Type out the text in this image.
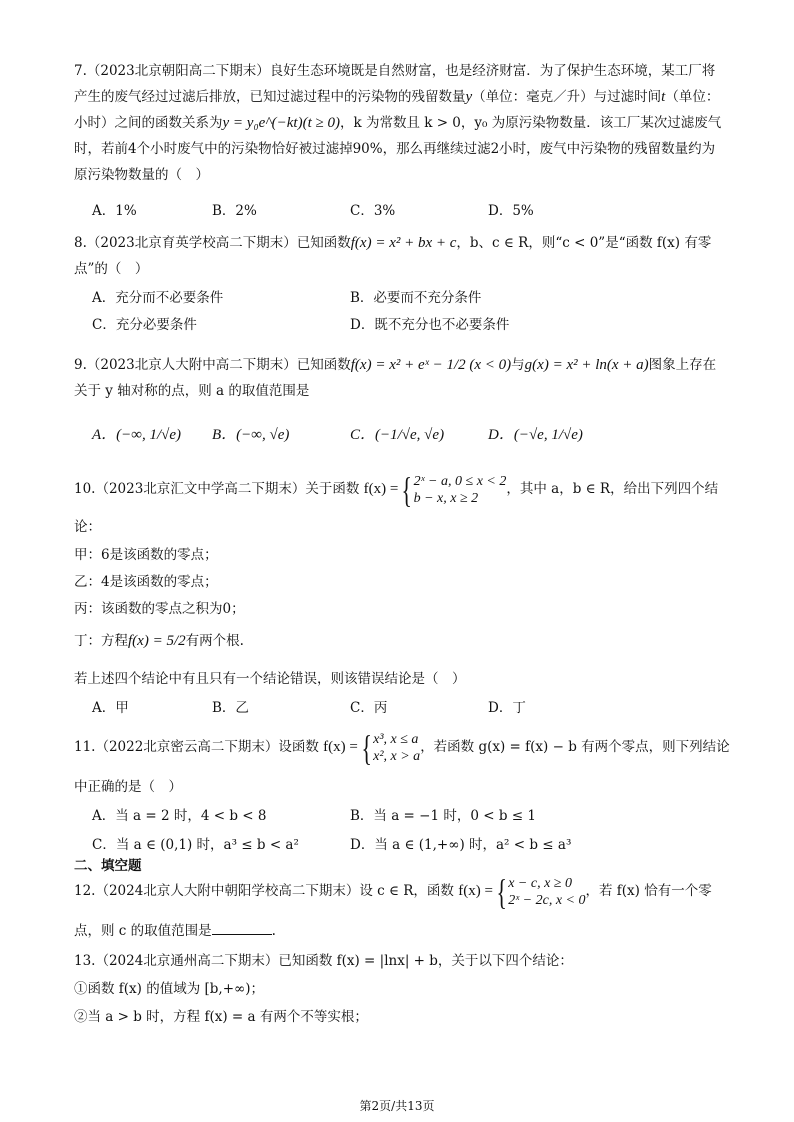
7.（2023北京朝阳高二下期末）良好生态环境既是自然财富，也是经济财富．为了保护生态环境，某工厂将产生的废气经过过滤后排放，已知过滤过程中的污染物的残留数量y（单位：毫克／升）与过滤时间t（单位：小时）之间的函数关系为y = y₀e^(−kt)(t ≥ 0)，k 为常数且 k > 0，y₀ 为原污染物数量．该工厂某次过滤废气时，若前4个小时废气中的污染物恰好被过滤掉90%，那么再继续过滤2小时，废气中污染物的残留数量约为原污染物数量的（　）
A．1%	B．2%	C．3%	D．5%
8.（2023北京育英学校高二下期末）已知函数f(x) = x² + bx + c，b、c ∈ R，则“c < 0”是“函数 f(x) 有零点”的（　）
A．充分而不必要条件	B．必要而不充分条件
C．充分必要条件	D．既不充分也不必要条件
9.（2023北京人大附中高二下期末）已知函数f(x) = x² + eˣ − 1/2 (x < 0)与g(x) = x² + ln(x + a)图象上存在关于 y 轴对称的点，则 a 的取值范围是
A．(−∞, 1/√e) B．(−∞, √e)	C．(−1/√e, √e)	D．(−√e, 1/√e)
10.（2023北京汇文中学高二下期末）关于函数 f(x) ={ 2ˣ − a, 0 ≤ x < 2
b − x, x ≥ 2
，其中 a，b ∈ R，给出下列四个结
论：
甲：6是该函数的零点；
乙：4是该函数的零点；
丙：该函数的零点之积为0；
丁：方程f(x) = 5/2有两个根.
若上述四个结论中有且只有一个结论错误，则该错误结论是（　）
A．甲	B．乙	C．丙	D．丁
11.（2022北京密云高二下期末）设函数 f(x) ={ x³, x ≤ a
x², x > a
，若函数 g(x) = f(x) − b 有两个零点，则下列结论
中正确的是（　）
A．当 a = 2 时，4 < b < 8	B．当 a = −1 时，0 < b ≤ 1
C．当 a ∈ (0,1) 时，a³ ≤ b < a²	D．当 a ∈ (1,+∞) 时，a² < b ≤ a³
二、填空题
12.（2024北京人大附中朝阳学校高二下期末）设 c ∈ R，函数 f(x) ={ x − c, x ≥ 0
2ˣ − 2c, x < 0
，若 f(x) 恰有一个零
点，则 c 的取值范围是	.
13.（2024北京通州高二下期末）已知函数 f(x) = |lnx| + b，关于以下四个结论：
①函数 f(x) 的值域为 [b,+∞)；
②当 a > b 时，方程 f(x) = a 有两个不等实根；
第2页/共13页
